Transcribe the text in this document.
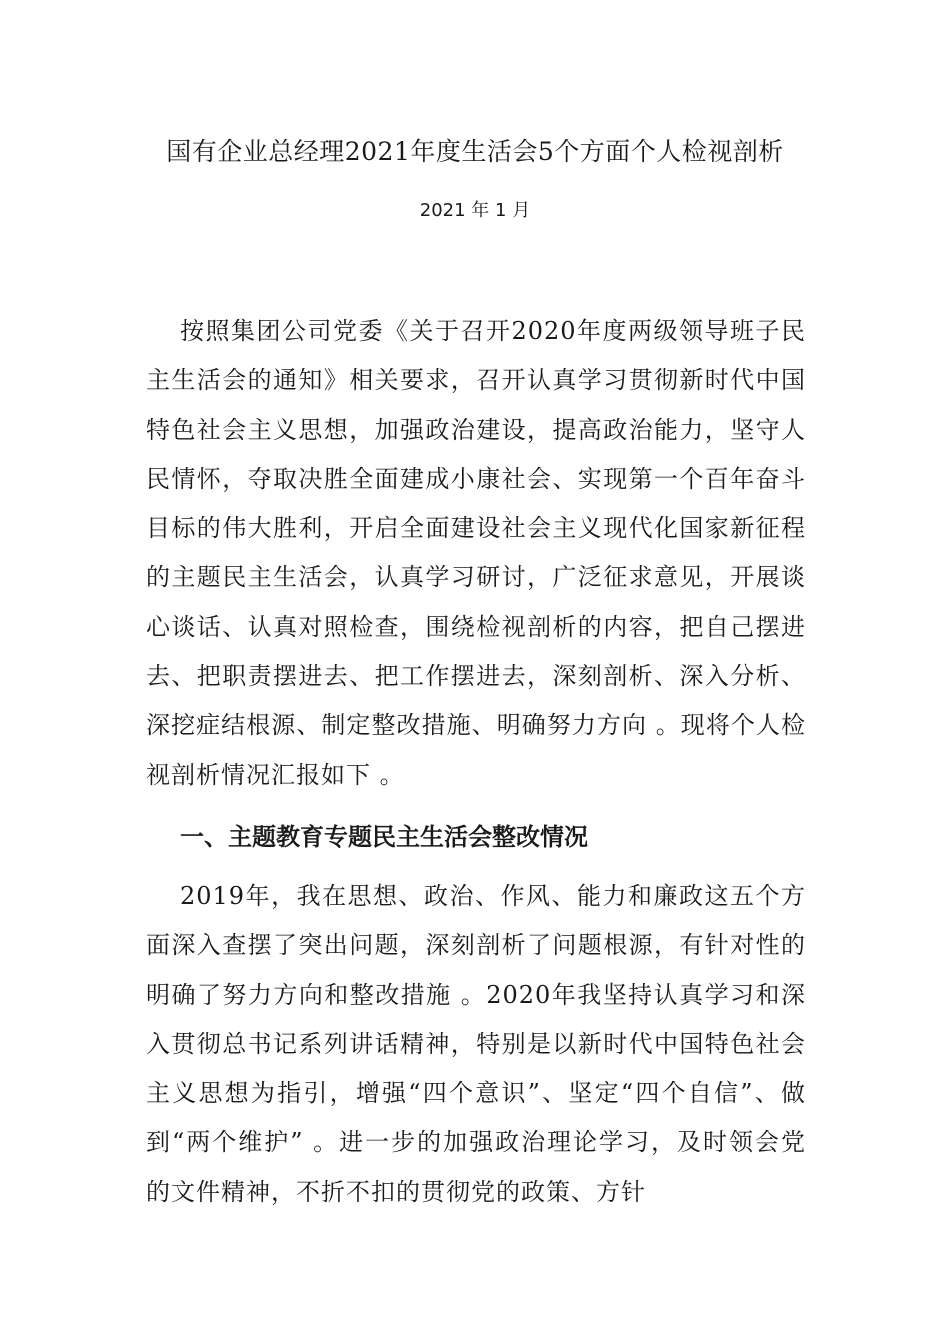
国有企业总经理2021年度生活会5个方面个人检视剖析
2021 年 1 月

按照集团公司党委《关于召开2020年度两级领导班子民主生活会的通知》相关要求，召开认真学习贯彻新时代中国特色社会主义思想，加强政治建设，提高政治能力，坚守人民情怀，夺取决胜全面建成小康社会、实现第一个百年奋斗目标的伟大胜利，开启全面建设社会主义现代化国家新征程的主题民主生活会，认真学习研讨，广泛征求意见，开展谈心谈话、认真对照检查，围绕检视剖析的内容，把自己摆进去、把职责摆进去、把工作摆进去，深刻剖析、深入分析、深挖症结根源、制定整改措施、明确努力方向 。现将个人检视剖析情况汇报如下 。

一、主题教育专题民主生活会整改情况

2019年，我在思想、政治、作风、能力和廉政这五个方面深入查摆了突出问题，深刻剖析了问题根源，有针对性的明确了努力方向和整改措施 。2020年我坚持认真学习和深入贯彻总书记系列讲话精神，特别是以新时代中国特色社会主义思想为指引，增强“四个意识”、坚定“四个自信”、做到“两个维护” 。进一步的加强政治理论学习，及时领会党的文件精神，不折不扣的贯彻党的政策、方针
